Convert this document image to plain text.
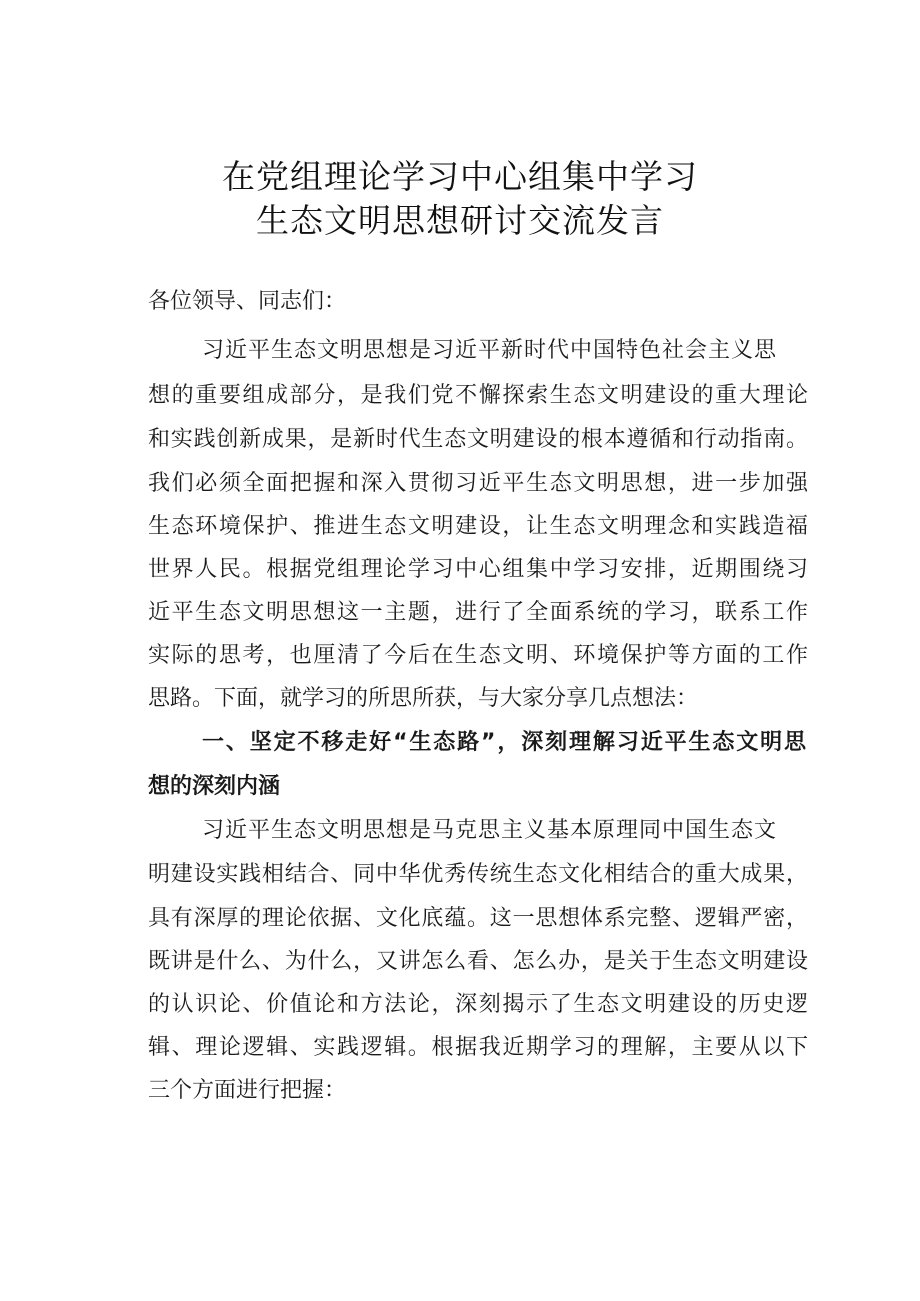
在党组理论学习中心组集中学习
生态文明思想研讨交流发言
各位领导、同志们：
习近平生态文明思想是习近平新时代中国特色社会主义思
想的重要组成部分，是我们党不懈探索生态文明建设的重大理论
和实践创新成果，是新时代生态文明建设的根本遵循和行动指南。
我们必须全面把握和深入贯彻习近平生态文明思想，进一步加强
生态环境保护、推进生态文明建设，让生态文明理念和实践造福
世界人民。根据党组理论学习中心组集中学习安排，近期围绕习
近平生态文明思想这一主题，进行了全面系统的学习，联系工作
实际的思考，也厘清了今后在生态文明、环境保护等方面的工作
思路。下面，就学习的所思所获，与大家分享几点想法：
一、坚定不移走好“生态路”，深刻理解习近平生态文明思
想的深刻内涵
习近平生态文明思想是马克思主义基本原理同中国生态文
明建设实践相结合、同中华优秀传统生态文化相结合的重大成果，
具有深厚的理论依据、文化底蕴。这一思想体系完整、逻辑严密，
既讲是什么、为什么，又讲怎么看、怎么办，是关于生态文明建设
的认识论、价值论和方法论，深刻揭示了生态文明建设的历史逻
辑、理论逻辑、实践逻辑。根据我近期学习的理解，主要从以下
三个方面进行把握：
